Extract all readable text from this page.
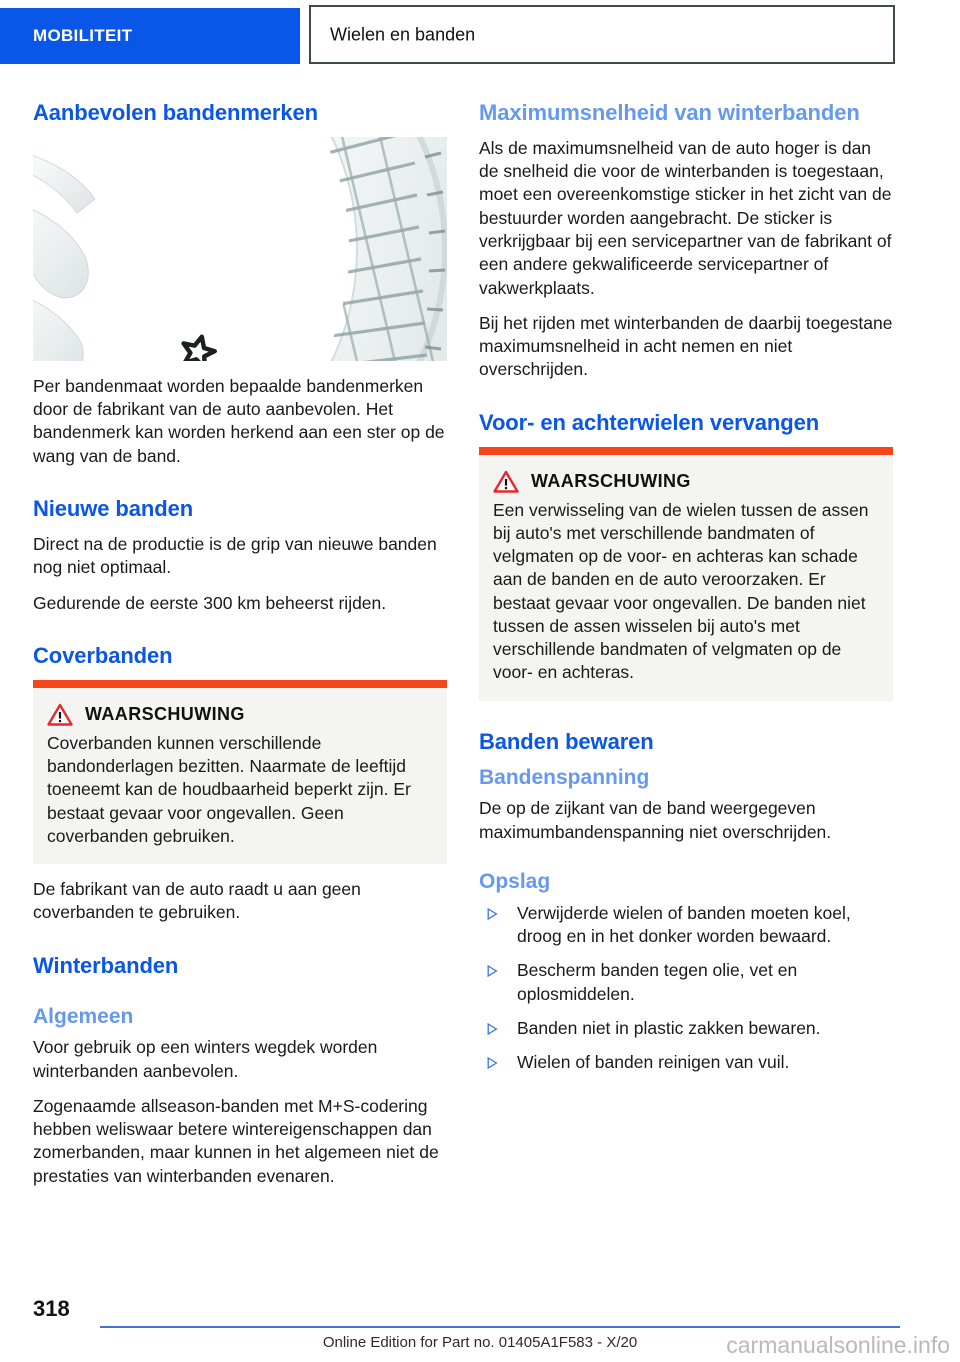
MOBILITEIT	Wielen en banden
Aanbevolen bandenmerken

Per bandenmaat worden bepaalde bandenmerken door de fabrikant van de auto aanbevolen. Het bandenmerk kan worden herkend aan een ster op de wang van de band.

Nieuwe banden

Direct na de productie is de grip van nieuwe banden nog niet optimaal.

Gedurende de eerste 300 km beheerst rijden.

Coverbanden
WAARSCHUWING

Coverbanden kunnen verschillende bandonderlagen bezitten. Naarmate de leeftijd toeneemt kan de houdbaarheid beperkt zijn. Er bestaat gevaar voor ongevallen. Geen coverbanden gebruiken.

De fabrikant van de auto raadt u aan geen coverbanden te gebruiken.

Winterbanden
Algemeen

Voor gebruik op een winters wegdek worden winterbanden aanbevolen.

Zogenaamde allseason-banden met M+S-codering hebben weliswaar betere wintereigenschappen dan zomerbanden, maar kunnen in het algemeen niet de prestaties van winterbanden evenaren.

Maximumsnelheid van winterbanden

Als de maximumsnelheid van de auto hoger is dan de snelheid die voor de winterbanden is toegestaan, moet een overeenkomstige sticker in het zicht van de bestuurder worden aangebracht. De sticker is verkrijgbaar bij een servicepartner van de fabrikant of een andere gekwalificeerde servicepartner of vakwerkplaats.

Bij het rijden met winterbanden de daarbij toegestane maximumsnelheid in acht nemen en niet overschrijden.

Voor- en achterwielen vervangen
WAARSCHUWING

Een verwisseling van de wielen tussen de assen bij auto's met verschillende bandmaten of velgmaten op de voor- en achteras kan schade aan de banden en de auto veroorzaken. Er bestaat gevaar voor ongevallen. De banden niet tussen de assen wisselen bij auto's met verschillende bandmaten of velgmaten op de voor- en achteras.

Banden bewaren
Bandenspanning

De op de zijkant van de band weergegeven maximumbandenspanning niet overschrijden.

Opslag
Verwijderde wielen of banden moeten koel, droog en in het donker worden bewaard.
Bescherm banden tegen olie, vet en oplosmiddelen.
Banden niet in plastic zakken bewaren.
Wielen of banden reinigen van vuil.
318
Online Edition for Part no. 01405A1F583 - X/20	carmanualsonline.info
